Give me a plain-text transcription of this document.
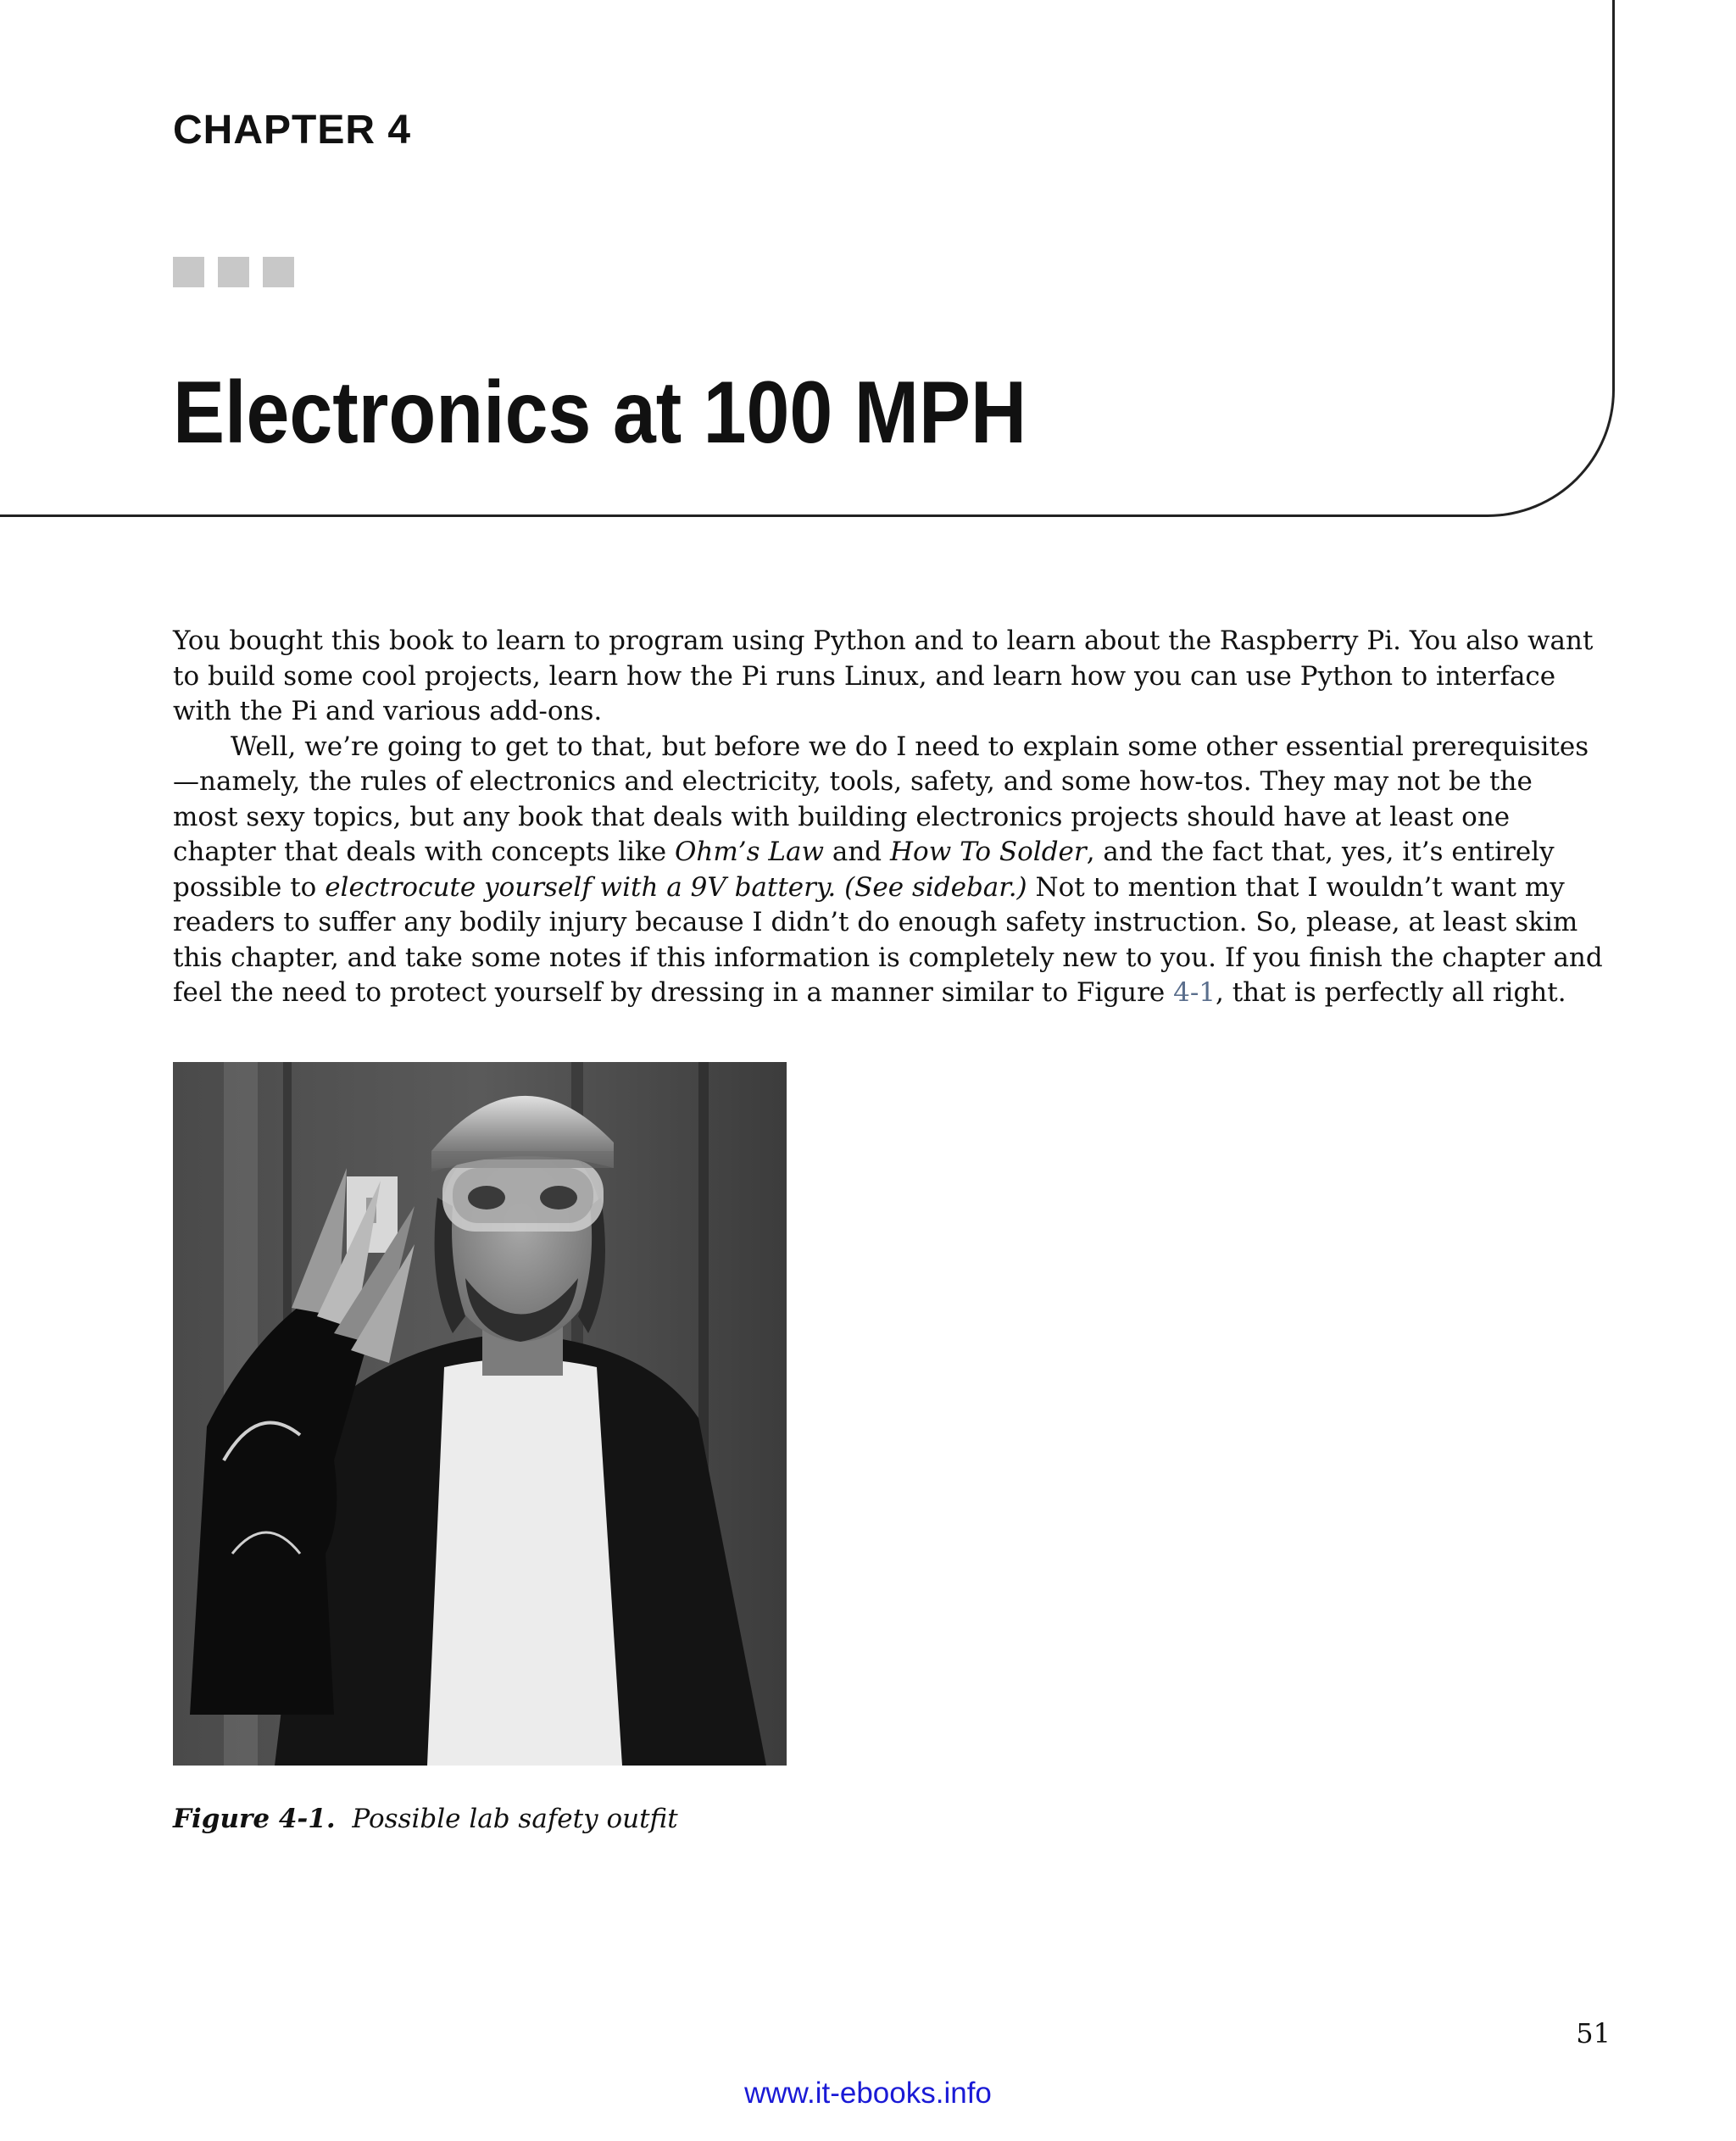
CHAPTER 4
Electronics at 100 MPH

You bought this book to learn to program using Python and to learn about the Raspberry Pi. You also want to build some cool projects, learn how the Pi runs Linux, and learn how you can use Python to interface with the Pi and various add-ons.

Well, we’re going to get to that, but before we do I need to explain some other essential prerequisites—namely, the rules of electronics and electricity, tools, safety, and some how-tos. They may not be the most sexy topics, but any book that deals with building electronics projects should have at least one chapter that deals with concepts like Ohm’s Law and How To Solder, and the fact that, yes, it’s entirely possible to electrocute yourself with a 9V battery. (See sidebar.) Not to mention that I wouldn’t want my readers to suffer any bodily injury because I didn’t do enough safety instruction. So, please, at least skim this chapter, and take some notes if this information is completely new to you. If you finish the chapter and feel the need to protect yourself by dressing in a manner similar to Figure 4-1, that is perfectly all right.

Figure 4-1. Possible lab safety outfit

51

www.it-ebooks.info
